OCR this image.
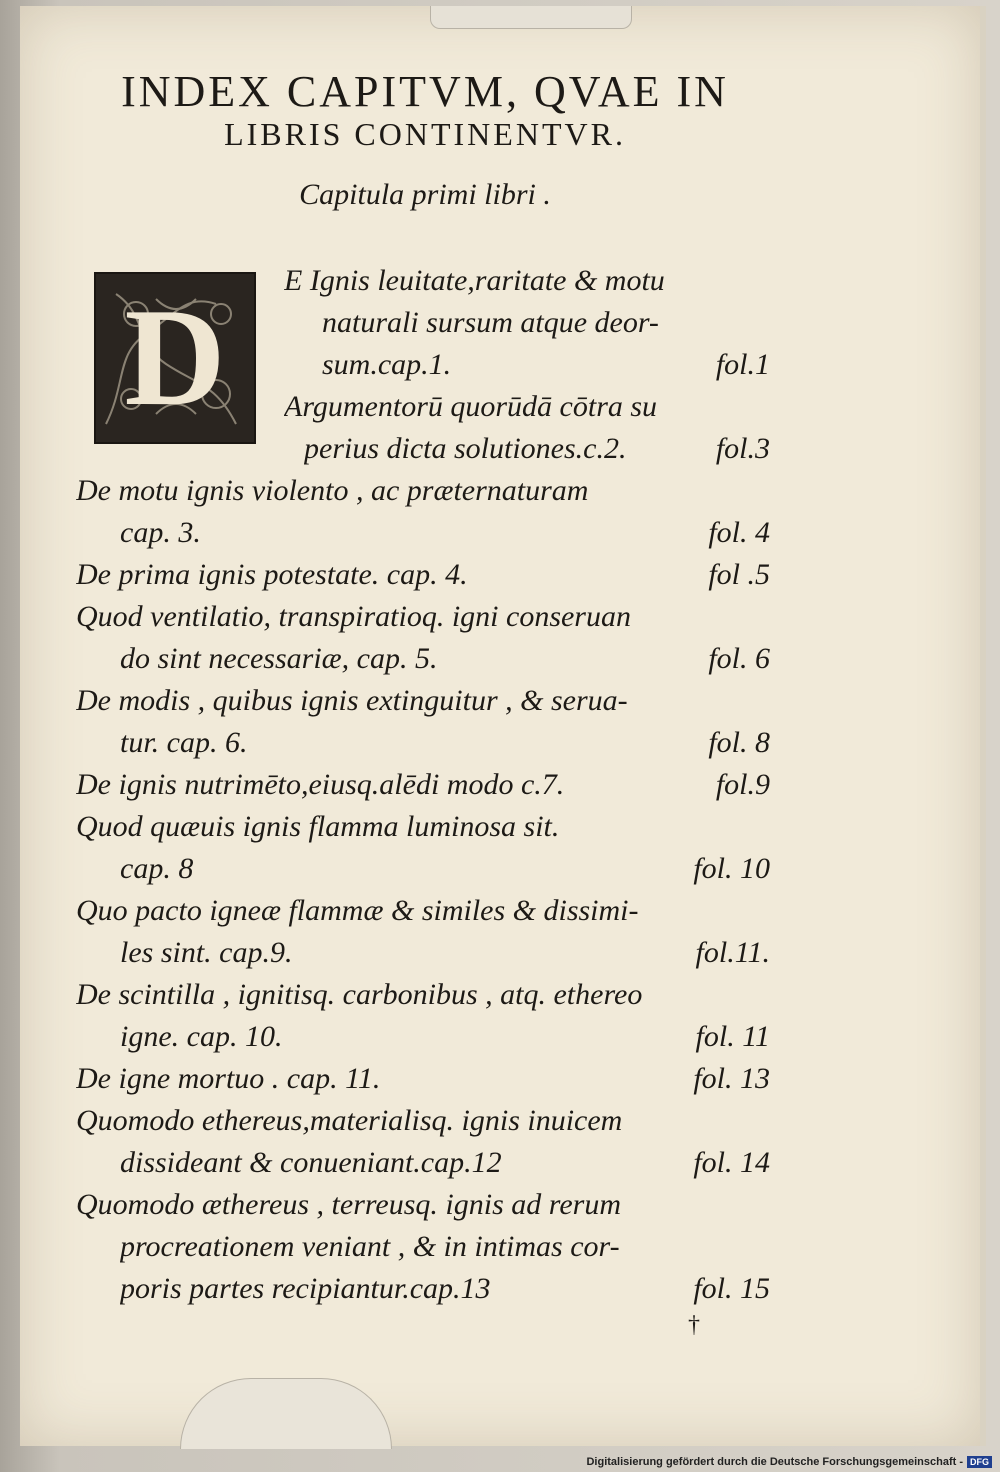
INDEX CAPITVM, QVAE IN
LIBRIS CONTINENTVR.
Capitula primi libri .
D E Ignis leuitate,raritate & motu
naturali sursum atque deor-
sum.cap.1.	fol.1
Argumentorū quorūdā cōtra su
perius dicta solutiones.c.2.	fol.3
De motu ignis violento , ac præternaturam
cap. 3.	fol. 4
De prima ignis potestate. cap. 4.	fol .5
Quod ventilatio, transpiratioq. igni conseruan
do sint necessariæ, cap. 5.	fol. 6
De modis , quibus ignis extinguitur , & serua-
tur. cap. 6.	fol. 8
De ignis nutrimēto,eiusq.alēdi modo c.7.	fol.9
Quod quæuis ignis flamma luminosa sit.
cap. 8	fol. 10
Quo pacto igneæ flammæ & similes & dissimi-
les sint. cap.9.	fol.11.
De scintilla , ignitisq. carbonibus , atq. ethereo
igne. cap. 10.	fol. 11
De igne mortuo . cap. 11.	fol. 13
Quomodo ethereus,materialisq. ignis inuicem
dissideant & conueniant.cap.12	fol. 14
Quomodo æthereus , terreusq. ignis ad rerum
procreationem veniant , & in intimas cor-
poris partes recipiantur.cap.13	fol. 15
†
Digitalisierung gefördert durch die Deutsche Forschungsgemeinschaft - DFG
